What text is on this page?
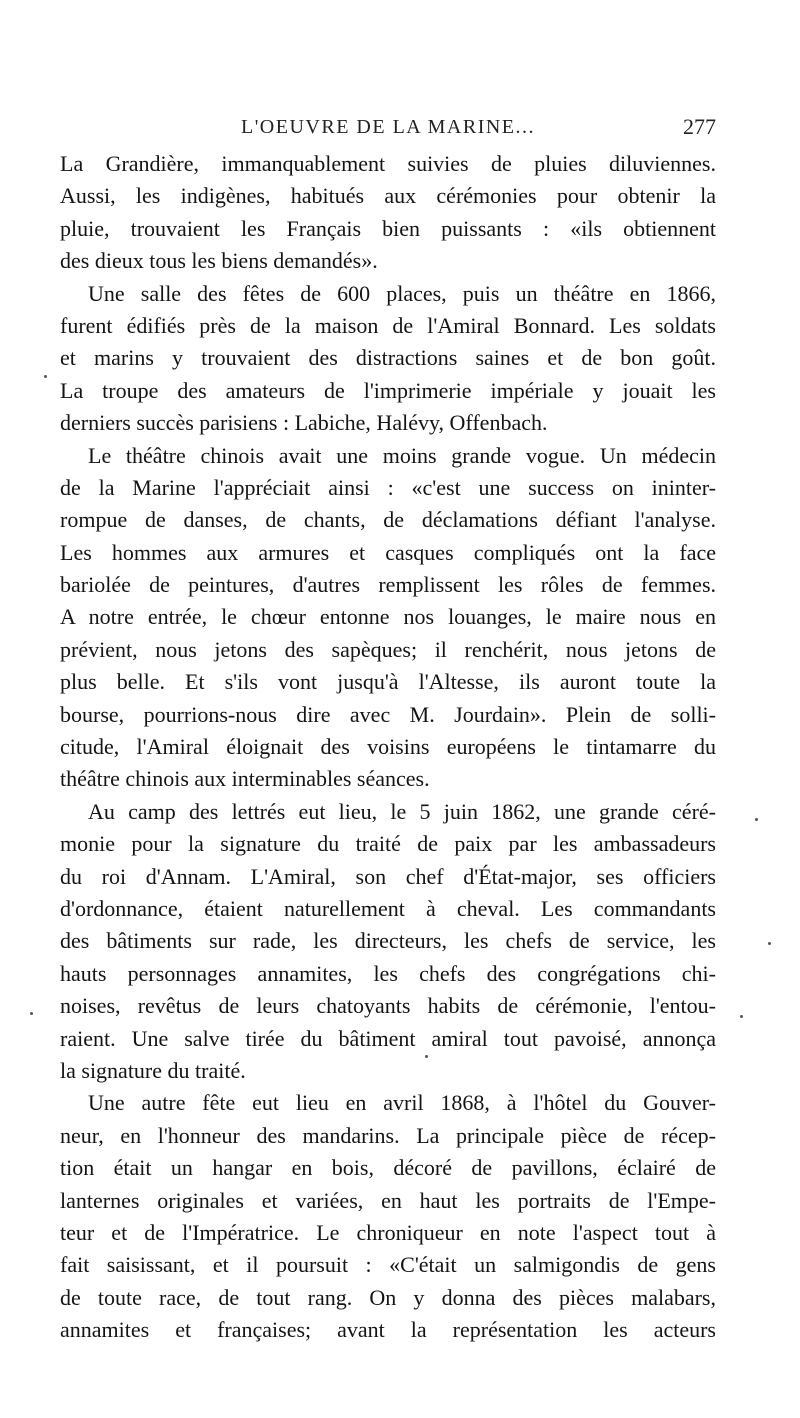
L'OEUVRE DE LA MARINE...	277
La Grandière, immanquablement suivies de pluies diluviennes.
Aussi, les indigènes, habitués aux cérémonies pour obtenir la
pluie, trouvaient les Français bien puissants : «ils obtiennent
des dieux tous les biens demandés».
Une salle des fêtes de 600 places, puis un théâtre en 1866,
furent édifiés près de la maison de l'Amiral Bonnard. Les soldats
et marins y trouvaient des distractions saines et de bon goût.
La troupe des amateurs de l'imprimerie impériale y jouait les
derniers succès parisiens : Labiche, Halévy, Offenbach.
Le théâtre chinois avait une moins grande vogue. Un médecin
de la Marine l'appréciait ainsi : «c'est une success on ininter-
rompue de danses, de chants, de déclamations défiant l'analyse.
Les hommes aux armures et casques compliqués ont la face
bariolée de peintures, d'autres remplissent les rôles de femmes.
A notre entrée, le chœur entonne nos louanges, le maire nous en
prévient, nous jetons des sapèques; il renchérit, nous jetons de
plus belle. Et s'ils vont jusqu'à l'Altesse, ils auront toute la
bourse, pourrions-nous dire avec M. Jourdain». Plein de solli-
citude, l'Amiral éloignait des voisins européens le tintamarre du
théâtre chinois aux interminables séances.
Au camp des lettrés eut lieu, le 5 juin 1862, une grande céré-
monie pour la signature du traité de paix par les ambassadeurs
du roi d'Annam. L'Amiral, son chef d'État-major, ses officiers
d'ordonnance, étaient naturellement à cheval. Les commandants
des bâtiments sur rade, les directeurs, les chefs de service, les
hauts personnages annamites, les chefs des congrégations chi-
noises, revêtus de leurs chatoyants habits de cérémonie, l'entou-
raient. Une salve tirée du bâtiment amiral tout pavoisé, annonça
la signature du traité.
Une autre fête eut lieu en avril 1868, à l'hôtel du Gouver-
neur, en l'honneur des mandarins. La principale pièce de récep-
tion était un hangar en bois, décoré de pavillons, éclairé de
lanternes originales et variées, en haut les portraits de l'Empe-
teur et de l'Impératrice. Le chroniqueur en note l'aspect tout à
fait saisissant, et il poursuit : «C'était un salmigondis de gens
de toute race, de tout rang. On y donna des pièces malabars,
annamites et françaises; avant la représentation les acteurs
